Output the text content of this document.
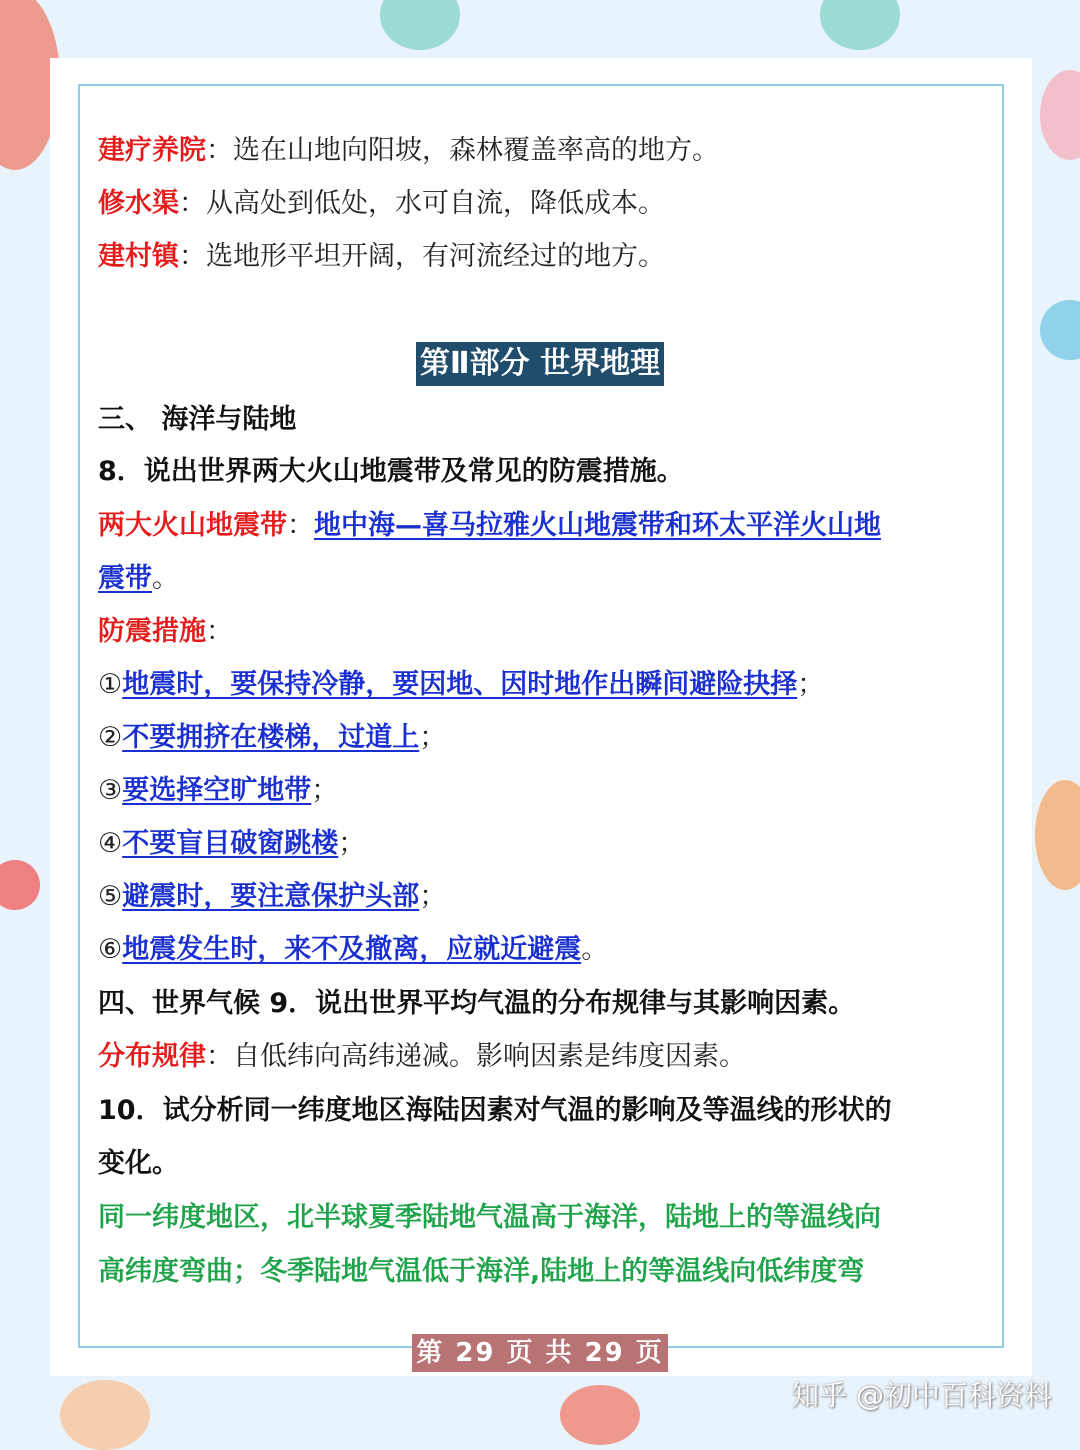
建疗养院：选在山地向阳坡，森林覆盖率高的地方。
修水渠：从高处到低处，水可自流，降低成本。
建村镇：选地形平坦开阔，有河流经过的地方。
第Ⅱ部分 世界地理
三、 海洋与陆地
8．说出世界两大火山地震带及常见的防震措施。
两大火山地震带：地中海—喜马拉雅火山地震带和环太平洋火山地
震带。
防震措施：
①地震时，要保持冷静，要因地、因时地作出瞬间避险抉择；
②不要拥挤在楼梯，过道上；
③要选择空旷地带；
④不要盲目破窗跳楼；
⑤避震时，要注意保护头部；
⑥地震发生时，来不及撤离，应就近避震。
四、世界气候 9．说出世界平均气温的分布规律与其影响因素。
分布规律：自低纬向高纬递减。影响因素是纬度因素。
10．试分析同一纬度地区海陆因素对气温的影响及等温线的形状的
变化。
同一纬度地区，北半球夏季陆地气温高于海洋，陆地上的等温线向
高纬度弯曲；冬季陆地气温低于海洋,陆地上的等温线向低纬度弯
第 29 页 共 29 页
知乎 @初中百科资料
